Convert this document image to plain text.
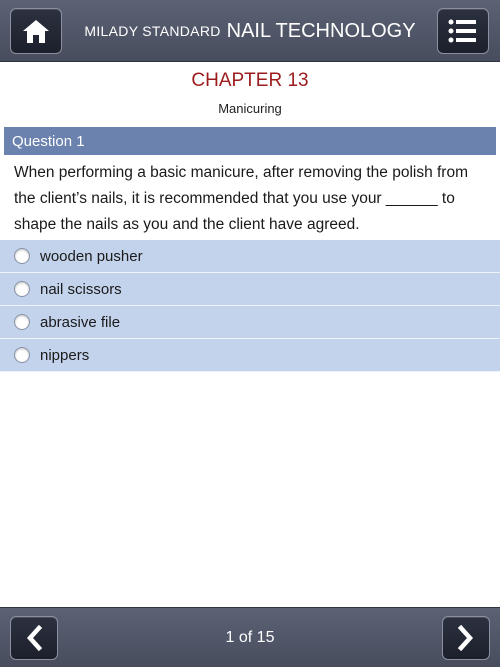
MILADY STANDARD NAIL TECHNOLOGY
CHAPTER 13
Manicuring
Question 1
When performing a basic manicure, after removing the polish from the client’s nails, it is recommended that you use your ______ to shape the nails as you and the client have agreed.
wooden pusher
nail scissors
abrasive file
nippers
1 of 15
